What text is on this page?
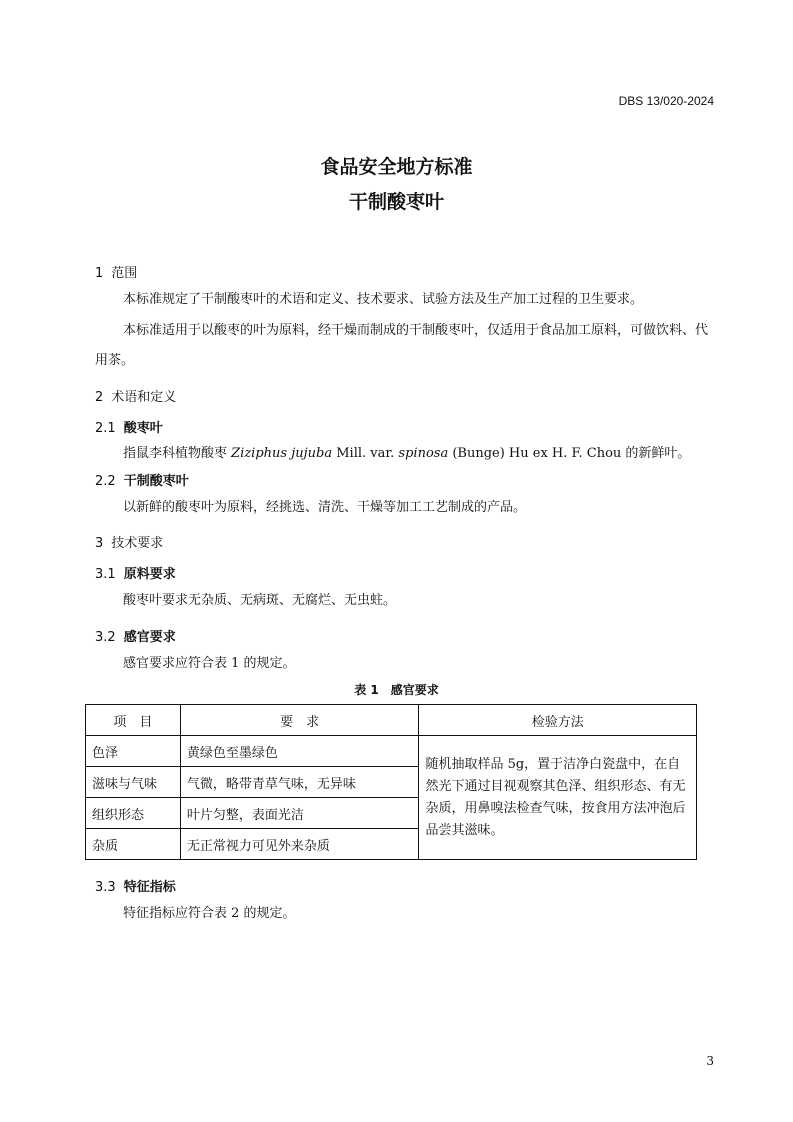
DBS 13/020-2024
食品安全地方标准
干制酸枣叶
1 范围
本标准规定了干制酸枣叶的术语和定义、技术要求、试验方法及生产加工过程的卫生要求。
本标准适用于以酸枣的叶为原料，经干燥而制成的干制酸枣叶，仅适用于食品加工原料，可做饮料、代用茶。
2 术语和定义
2.1 酸枣叶
指鼠李科植物酸枣 Ziziphus jujuba Mill. var. spinosa (Bunge) Hu ex H. F. Chou 的新鲜叶。
2.2 干制酸枣叶
以新鲜的酸枣叶为原料，经挑选、清洗、干燥等加工工艺制成的产品。
3 技术要求
3.1 原料要求
酸枣叶要求无杂质、无病斑、无腐烂、无虫蛀。
3.2 感官要求
感官要求应符合表 1 的规定。
表 1　感官要求
项　目	要　求	检验方法
色泽	黄绿色至墨绿色	随机抽取样品 5g，置于洁净白瓷盘中，在自然光下通过目视观察其色泽、组织形态、有无杂质，用鼻嗅法检查气味，按食用方法冲泡后品尝其滋味。
滋味与气味	气微，略带青草气味，无异味	
组织形态	叶片匀整，表面光洁	
杂质	无正常视力可见外来杂质	
3.3 特征指标
特征指标应符合表 2 的规定。
3
